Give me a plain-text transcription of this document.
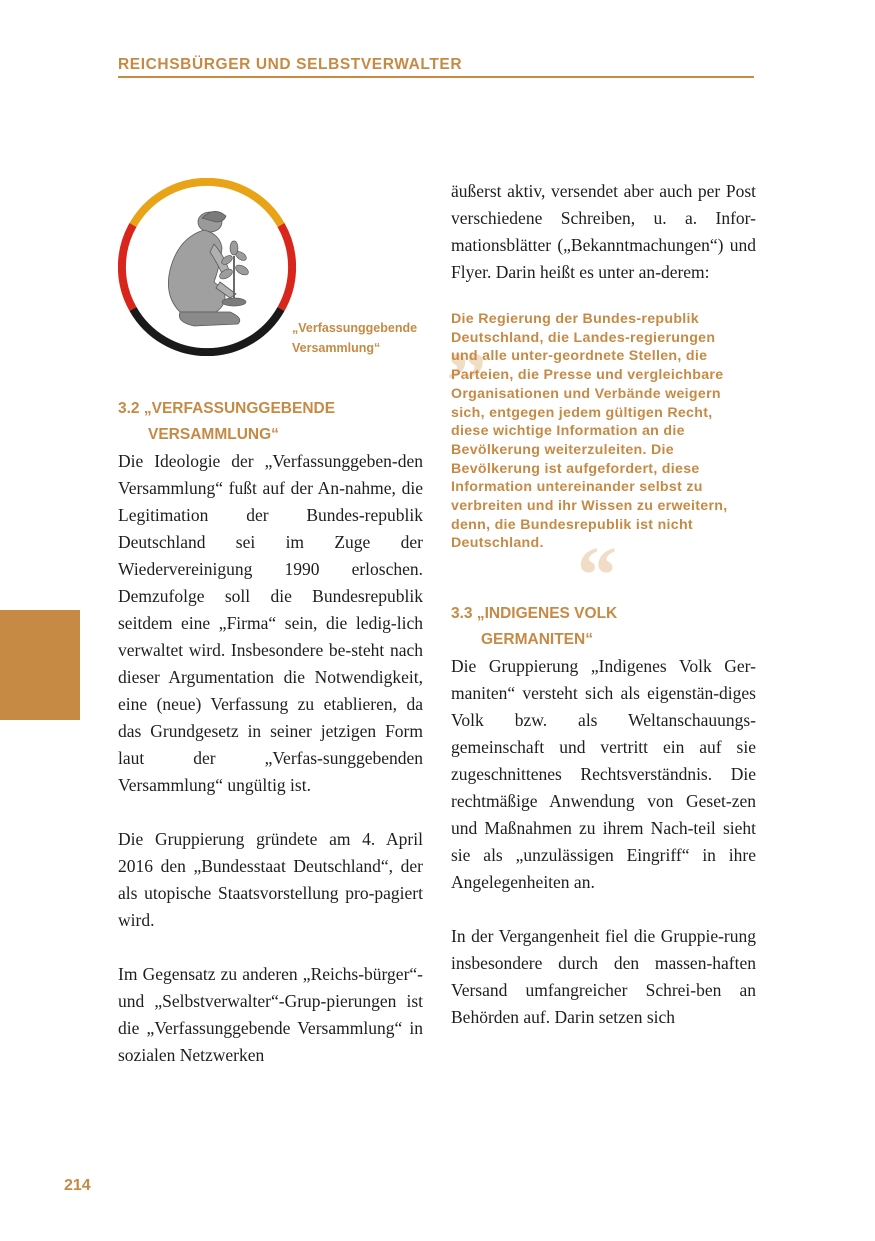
REICHSBÜRGER UND SELBSTVERWALTER
„Verfassunggebende
Versammlung“
3.2 „VERFASSUNGGEBENDE
VERSAMMLUNG“

Die Ideologie der „Verfassunggeben-den Versammlung“ fußt auf der An-nahme, die Legitimation der Bundes-republik Deutschland sei im Zuge der Wiedervereinigung 1990 erloschen. Demzufolge soll die Bundesrepublik seitdem eine „Firma“ sein, die ledig-lich verwaltet wird. Insbesondere be-steht nach dieser Argumentation die Notwendigkeit, eine (neue) Verfassung zu etablieren, da das Grundgesetz in seiner jetzigen Form laut der „Verfas-sunggebenden Versammlung“ ungültig ist.

Die Gruppierung gründete am 4. April 2016 den „Bundesstaat Deutschland“, der als utopische Staatsvorstellung pro-pagiert wird.

Im Gegensatz zu anderen „Reichs-bürger“- und „Selbstverwalter“-Grup-pierungen ist die „Verfassunggebende Versammlung“ in sozialen Netzwerken

äußerst aktiv, versendet aber auch per Post verschiedene Schreiben, u. a. Infor-mationsblätter („Bekanntmachungen“) und Flyer. Darin heißt es unter an-derem:

„
“
Die Regierung der Bundes-republik Deutschland, die Landes-regierungen und alle unter-geordnete Stellen, die Parteien, die Presse und vergleichbare Organisationen und Verbände weigern sich, entgegen jedem gültigen Recht, diese wichtige Information an die Bevölkerung weiterzuleiten. Die Bevölkerung ist aufgefordert, diese Information untereinander selbst zu verbreiten und ihr Wissen zu erweitern, denn, die Bundesrepublik ist nicht Deutschland.
3.3 „INDIGENES VOLK
GERMANITEN“

Die Gruppierung „Indigenes Volk Ger-maniten“ versteht sich als eigenstän-diges Volk bzw. als Weltanschauungs-gemeinschaft und vertritt ein auf sie zugeschnittenes Rechtsverständnis. Die rechtmäßige Anwendung von Geset-zen und Maßnahmen zu ihrem Nach-teil sieht sie als „unzulässigen Eingriff“ in ihre Angelegenheiten an.

In der Vergangenheit fiel die Gruppie-rung insbesondere durch den massen-haften Versand umfangreicher Schrei-ben an Behörden auf. Darin setzen sich

214
